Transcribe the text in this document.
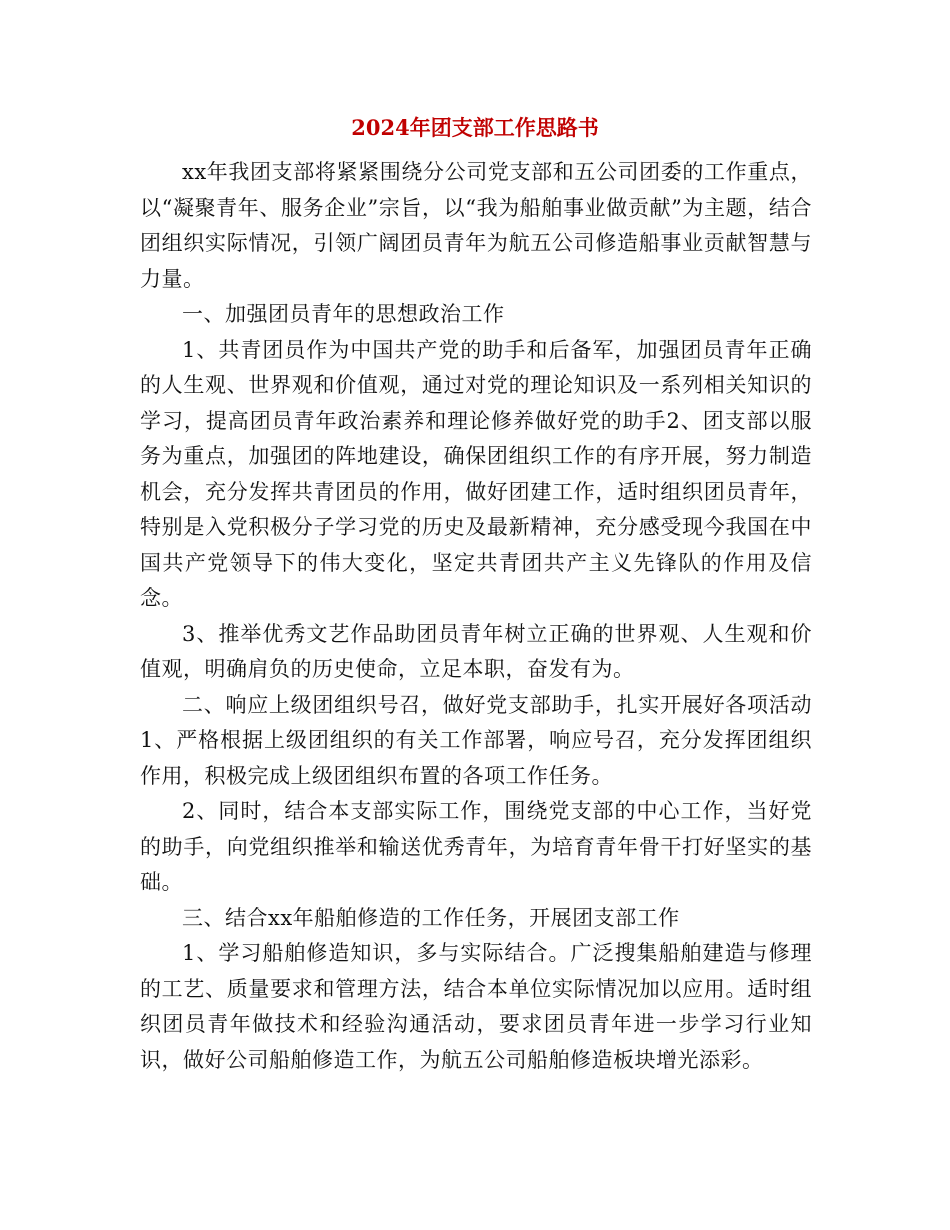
2024年团支部工作思路书

xx年我团支部将紧紧围绕分公司党支部和五公司团委的工作重点，以“凝聚青年、服务企业”宗旨，以“我为船舶事业做贡献”为主题，结合团组织实际情况，引领广阔团员青年为航五公司修造船事业贡献智慧与力量。

一、加强团员青年的思想政治工作

1、共青团员作为中国共产党的助手和后备军，加强团员青年正确的人生观、世界观和价值观，通过对党的理论知识及一系列相关知识的学习，提高团员青年政治素养和理论修养做好党的助手2、团支部以服务为重点，加强团的阵地建设，确保团组织工作的有序开展，努力制造机会，充分发挥共青团员的作用，做好团建工作，适时组织团员青年，特别是入党积极分子学习党的历史及最新精神，充分感受现今我国在中国共产党领导下的伟大变化，坚定共青团共产主义先锋队的作用及信念。

3、推举优秀文艺作品助团员青年树立正确的世界观、人生观和价值观，明确肩负的历史使命，立足本职，奋发有为。

二、响应上级团组织号召，做好党支部助手，扎实开展好各项活动1、严格根据上级团组织的有关工作部署，响应号召，充分发挥团组织作用，积极完成上级团组织布置的各项工作任务。

2、同时，结合本支部实际工作，围绕党支部的中心工作，当好党的助手，向党组织推举和输送优秀青年，为培育青年骨干打好坚实的基础。

三、结合xx年船舶修造的工作任务，开展团支部工作

1、学习船舶修造知识，多与实际结合。广泛搜集船舶建造与修理的工艺、质量要求和管理方法，结合本单位实际情况加以应用。适时组织团员青年做技术和经验沟通活动，要求团员青年进一步学习行业知识，做好公司船舶修造工作，为航五公司船舶修造板块增光添彩。
